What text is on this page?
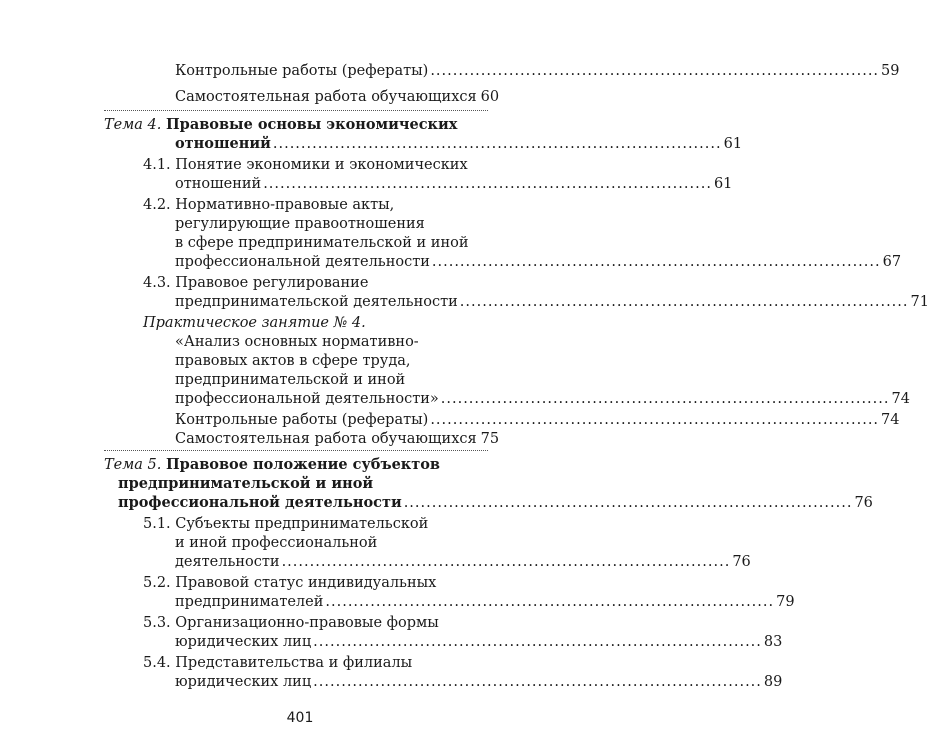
Контрольные работы (рефераты) ................................................................................ 59
Самостоятельная работа обучающихся 60
Тема 4. Правовые основы экономических
отношений ................................................................................ 61
4.1. Понятие экономики и экономических
отношений ................................................................................ 61
4.2. Нормативно-правовые акты,
регулирующие правоотношения
в сфере предпринимательской и иной
профессиональной деятельности ................................................................................ 67
4.3. Правовое регулирование
предпринимательской деятельности ................................................................................ 71
Практическое занятие № 4.
«Анализ основных нормативно-
правовых актов в сфере труда,
предпринимательской и иной
профессиональной деятельности» ................................................................................ 74
Контрольные работы (рефераты) ................................................................................ 74
Самостоятельная работа обучающихся 75
Тема 5. Правовое положение субъектов
предпринимательской и иной
профессиональной деятельности ................................................................................ 76
5.1. Субъекты предпринимательской
и иной профессиональной
деятельности ................................................................................ 76
5.2. Правовой статус индивидуальных
предпринимателей ................................................................................ 79
5.3. Организационно-правовые формы
юридических лиц ................................................................................ 83
5.4. Представительства и филиалы
юридических лиц ................................................................................ 89
401
